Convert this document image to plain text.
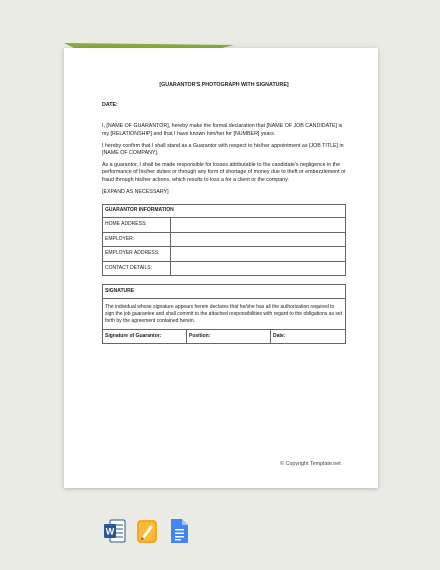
[GUARANTOR'S PHOTOGRAPH WITH SIGNATURE]
DATE:
I, [NAME OF GUARANTOR], hereby make the formal declaration that [NAME OF JOB CANDIDATE] is my [RELATIONSHIP] and that I have known him/her for [NUMBER] years.
I hereby confirm that I shall stand as a Guarantor with respect to his/her appointment as [JOB TITLE] in [NAME OF COMPANY].
As a guarantor, I shall be made responsible for losses attributable to the candidate's negligence in the performance of his/her duties or through any form of shortage of money due to theft or embezzlement or fraud through his/her actions, which results to loss a for a client or the company.
[EXPAND AS NECESSARY]
GUARANTOR INFORMATION	
HOME ADDRESS:	
EMPLOYER:	
EMPLOYER ADDRESS:	
CONTACT DETAILS:	
SIGNATURE
The individual whose signature appears herein declares that he/she has all the authorization required to sign the job guarantee and shall commit to the attached responsibilities with regard to the obligations as set forth by the agreement contained herein.
Signature of Guarantor:	Position:	Date:
© Copyright Template.net
W
